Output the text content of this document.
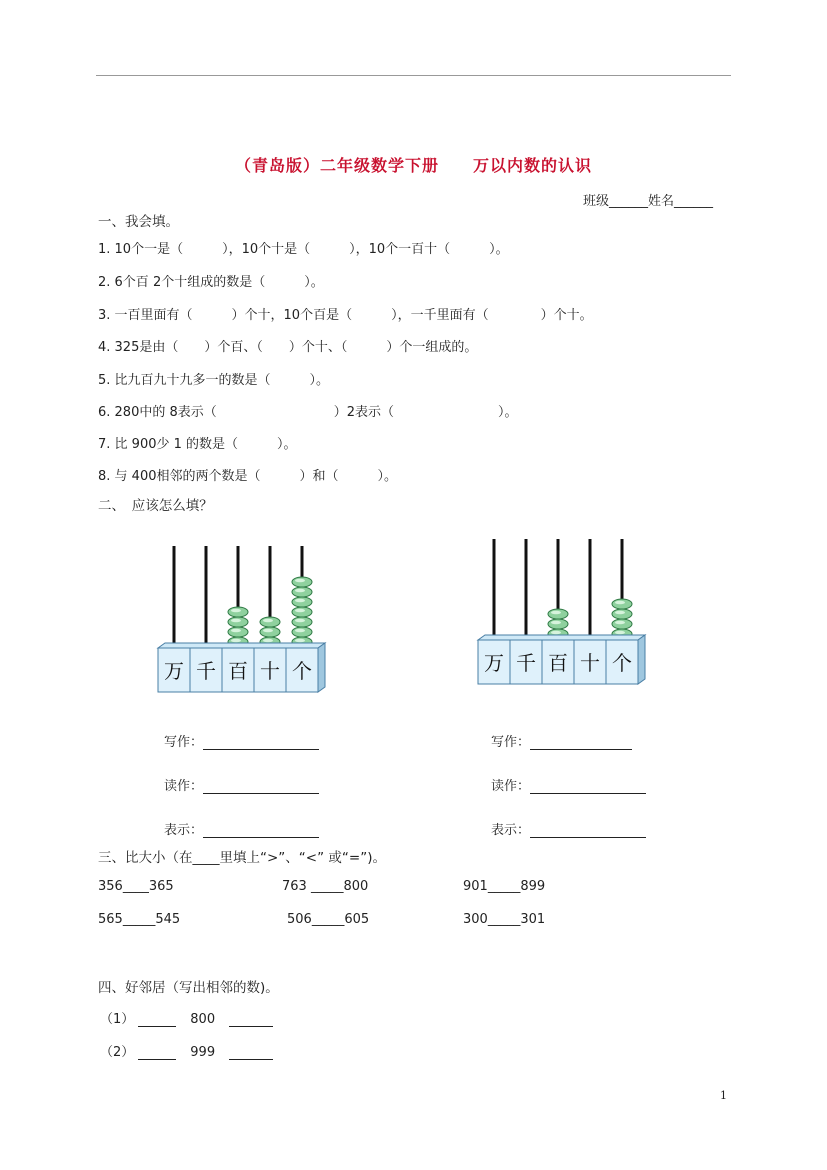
（青岛版）二年级数学下册　　万以内数的认识
班级______姓名______
一、我会填。
1. 10个一是（　　　），10个十是（　　　），10个一百十（　　　）。
2. 6个百 2个十组成的数是（　　　）。
3. 一百里面有（　　　）个十，10个百是（　　　），一千里面有（　　　　）个十。
4. 325是由（　　）个百、（　　）个十、（　　　）个一组成的。
5. 比九百九十九多一的数是（　　　）。
6. 280中的 8表示（　　　　　　　　　）2表示（　　　　　　　　）。
7. 比 900少 1 的数是（　　　）。
8. 与 400相邻的两个数是（　　　）和（　　　）。
二、　应该怎么填？
万 千 百 十 个	万 千 百 十 个
写作：
读作：
表示：
写作：
读作：
表示：
三、比大小（在____里填上“>”、“<” 或“=”)。
356____365	763 _____800	901_____899
565_____545	506_____605	300_____301
四、好邻居（写出相邻的数)。
（1）	800
（2）	999
1
